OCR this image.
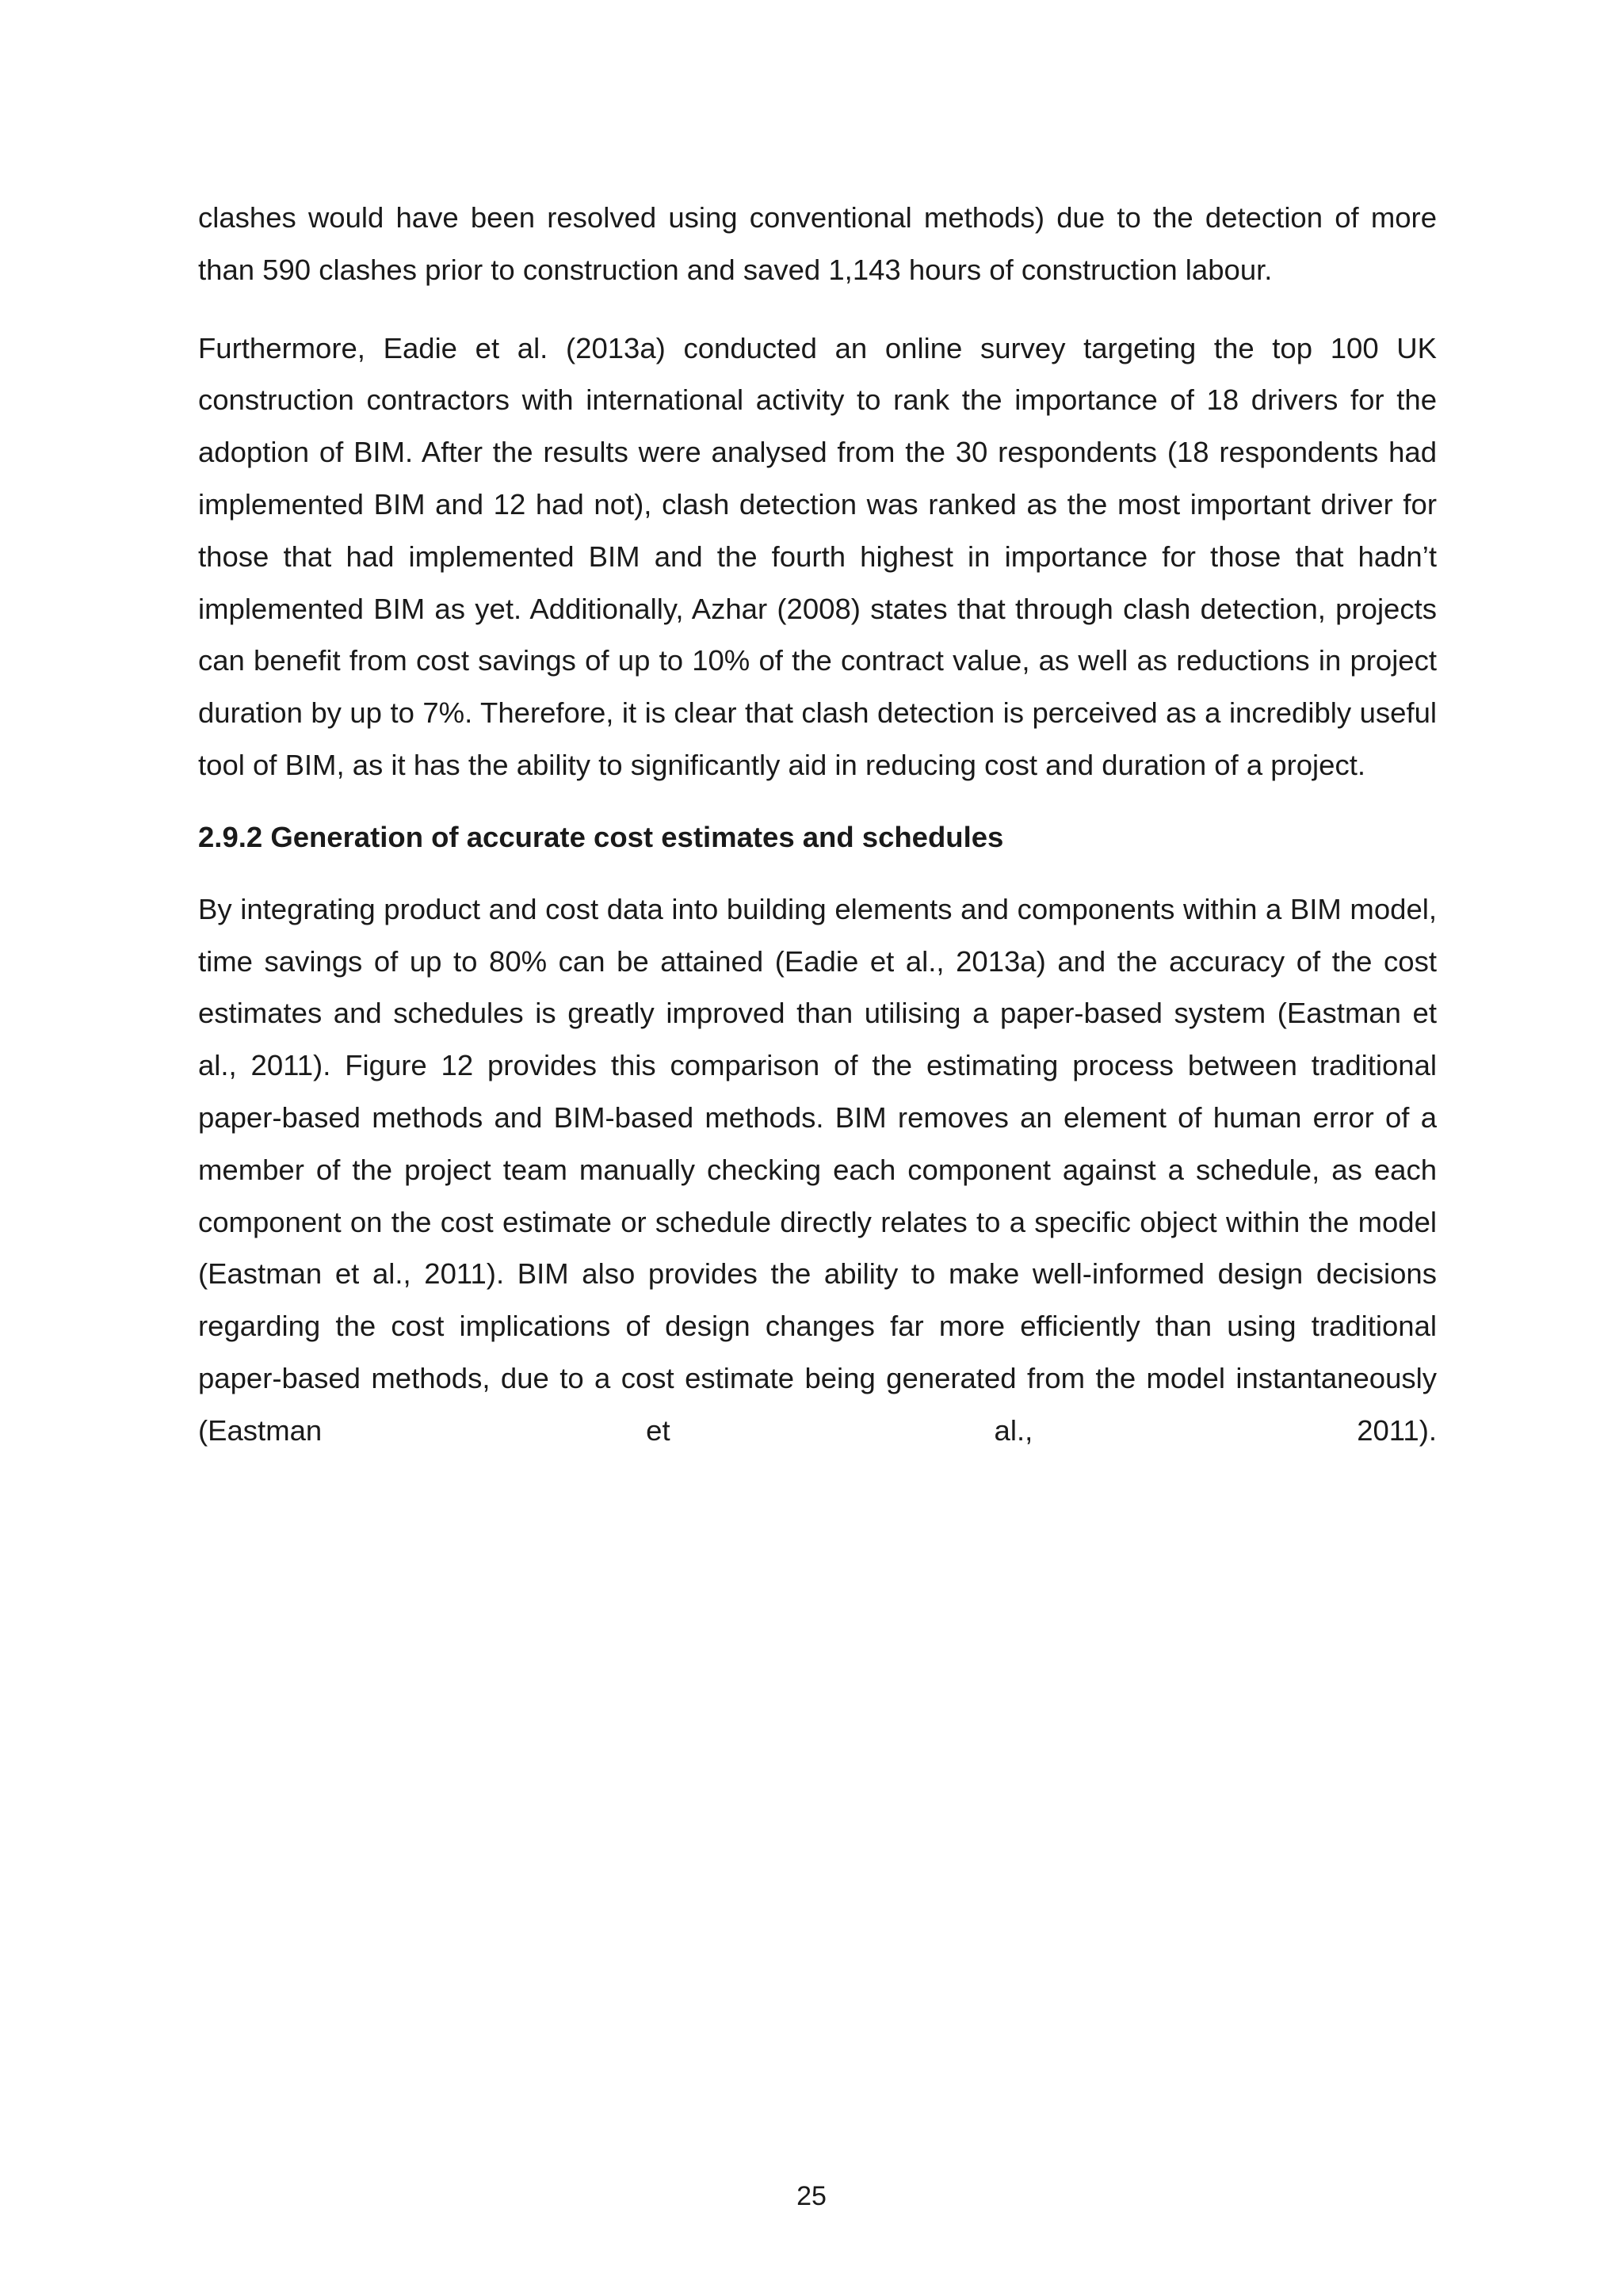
clashes would have been resolved using conventional methods) due to the detection of more than 590 clashes prior to construction and saved 1,143 hours of construction labour.

Furthermore, Eadie et al. (2013a) conducted an online survey targeting the top 100 UK construction contractors with international activity to rank the importance of 18 drivers for the adoption of BIM. After the results were analysed from the 30 respondents (18 respondents had implemented BIM and 12 had not), clash detection was ranked as the most important driver for those that had implemented BIM and the fourth highest in importance for those that hadn’t implemented BIM as yet. Additionally, Azhar (2008) states that through clash detection, projects can benefit from cost savings of up to 10% of the contract value, as well as reductions in project duration by up to 7%. Therefore, it is clear that clash detection is perceived as a incredibly useful tool of BIM, as it has the ability to significantly aid in reducing cost and duration of a project.

2.9.2 Generation of accurate cost estimates and schedules

By integrating product and cost data into building elements and components within a BIM model, time savings of up to 80% can be attained (Eadie et al., 2013a) and the accuracy of the cost estimates and schedules is greatly improved than utilising a paper-based system (Eastman et al., 2011). Figure 12 provides this comparison of the estimating process between traditional paper-based methods and BIM-based methods. BIM removes an element of human error of a member of the project team manually checking each component against a schedule, as each component on the cost estimate or schedule directly relates to a specific object within the model (Eastman et al., 2011). BIM also provides the ability to make well-informed design decisions regarding the cost implications of design changes far more efficiently than using traditional paper-based methods, due to a cost estimate being generated from the model instantaneously (Eastman et al., 2011).

25
